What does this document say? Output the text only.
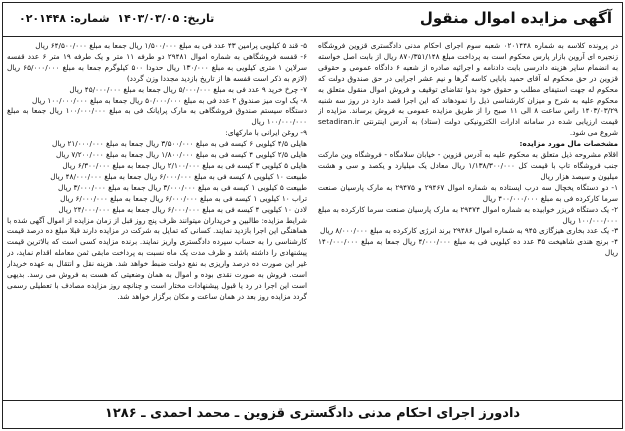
آگهی مزایده اموال منقول
تاریخ:۱۴۰۳/۰۳/۰۵ شماره:۰۲۰۱۴۴۸

در پرونده کلاسه به شماره ۰۲۰۱۴۴۸ شعبه سوم اجرای احکام مدنی دادگستری قزوین فروشگاه زنجیره ای آروین بازار پارس محکوم است به پرداخت مبلغ ۸۷۰/۳۵۱/۱۴۸ ریال از بابت اصل خواسته به انضمام سایر هزینه دادرسی بابت دادنامه و اجرائیه صادره از شعبه ۶ دادگاه عمومی و حقوقی قزوین در حق محکوم له آقای حمید بابایی کاسه گرها و نیم عشر اجرایی در حق صندوق دولت که محکوم له جهت استیفای مطلب و حقوق خود بدوا تقاضای توقیف و فروش اموال منقول متعلق به محکوم علیه به شرح و میزان کارشناسی ذیل را نمودهاند که این اجرا قصد دارد در روز سه شنبه ۱۴۰۳/۰۳/۲۹ راس ساعت ۸ الی ۱۱ صبح را از طریق مزایده عمومی به فروش برساند. مزایده از قیمت ارزیابی شده در سامانه ادارات الکترونیکی دولت (ستاد) به آدرس اینترنتی setadiran.ir شروع می شود.

مشخصات مال مورد مزایده:

اقلام مشروحه ذیل متعلق به محکوم علیه به آدرس قزوین - خیابان سلامگاه - فروشگاه وین مارکت جنب فروشگاه تاپ با قیمت کل ۱/۱۳۸/۳۰۰/۰۰۰ ریال معادل یک میلیارد و یکصد و سی و هشت میلیون و سیصد هزار ریال

۱- دو دستگاه یخچال سه درب ایستاده به شماره اموال ۲۹۴۶۷ و ۲۹۴۷۵ به مارک پارسیان صنعت سرما کارکرده فی به مبلغ ۴۰۰/۰۰۰/۰۰۰ ریال

۲- یک دستگاه فریزر خوابیده به شماره اموال ۲۹۴۷۴ به مارک پارسیان صنعت سرما کارکرده به مبلغ ۱۰۰/۰۰۰/۰۰۰ ریال

۳- یک عدد بخاری هیزگازی ۹۴۵ به شماره اموال ۲۹۴۸۶ برند انرژی کارکرده به مبلغ ۸/۰۰۰/۰۰۰ ریال

۴- برنج هندی شاهیخت ۳۵ عدد ده کیلویی فی به مبلغ ۴/۰۰۰/۰۰۰ ریال جمعا به مبلغ ۱۴۰/۰۰۰/۰۰۰ ریال

۵- قند ۵ کیلویی پرامین ۴۳ عدد فی به مبلغ ۱/۵۰۰/۰۰۰ ریال جمعا به مبلغ ۶۴/۵۰۰/۰۰۰ ریال

۶- قفسه فروشگاهی به شماره اموال ۲۹۴۸۱ دو طرفه ۱۱ متر و یک طرفه ۱۹ متر ۶ عدد قفسه سرلاین ۱ متری کیلویی به مبلغ ۱۳۰/۰۰۰ ریال حدودا ۵۰۰ کیلوگرم جمعا به مبلغ ۶۵/۰۰۰/۰۰۰ ریال (لازم به ذکر است قفسه ها از تاریخ بازدید مجددا وزن گردد)

۷- چرخ خرید ۹ عدد فی به مبلغ ۵/۰۰۰/۰۰۰ ریال جمعا به مبلغ ۴۵/۰۰۰/۰۰۰ ریال

۸- یک اوت میز صندوق ۲ عدد فی به مبلغ ۵۰/۰۰۰/۰۰۰ ریال جمعا به مبلغ ۱۰۰/۰۰۰/۰۰۰ ریال

دستگاه سیستم صندوق فروشگاهی به مارک پرایانک فی به مبلغ ۱۰۰/۰۰۰/۰۰۰ ریال جمعا به مبلغ ۱۰۰/۰۰۰/۰۰۰ ریال

۹- روغن ایرانی با مارکهای:

هایلی ۴/۵ کیلویی ۶ کیسه فی به مبلغ ۳/۵۰۰/۰۰۰ ریال جمعا به مبلغ ۲۱/۰۰۰/۰۰۰ ریال

هایلی ۲/۵ کیلویی ۴ کیسه فی به مبلغ ۱/۸۰۰/۰۰۰ ریال جمعا به مبلغ ۷/۲۰۰/۰۰۰ ریال

هایلی ۵ کیلویی ۳ کیسه فی به مبلغ ۲/۱۰۰/۰۰۰ ریال جمعا به مبلغ ۶/۳۰۰/۰۰۰ ریال

طبیعت ۱۰ کیلویی ۸ کیسه فی به مبلغ ۶/۰۰۰/۰۰۰ ریال جمعا به مبلغ ۴۸/۰۰۰/۰۰۰ ریال

طبیعت ۵ کیلویی ۱ کیسه فی به مبلغ ۳/۰۰۰/۰۰۰ ریال جمعا به مبلغ ۳/۰۰۰/۰۰۰ ریال

تراب ۱۰ کیلویی ۱ کیسه فی به مبلغ ۶/۰۰۰/۰۰۰ ریال جمعا به مبلغ ۶/۰۰۰/۰۰۰ ریال

لادن ۱۰ کیلویی ۴ کیسه فی به مبلغ ۶/۰۰۰/۰۰۰ ریال جمعا به مبلغ ۲۴/۰۰۰/۰۰۰ ریال

شرایط مزایده: طالبین و خریداران میتوانند ظرف پنج روز قبل از زمان مزایده از اموال آگهی شده با هماهنگی این اجرا بازدید نمایند. کسانی که تمایل به شرکت در مزایده دارند قبلا مبلغ ده درصد قیمت کارشناسی را به حساب سپرده دادگستری واریز نمایند. برنده مزایده کسی است که بالاترین قیمت پیشنهادی را داشته باشد و ظرف مدت یک ماه نسبت به پرداخت مابقی ثمن معامله اقدام نماید، در غیر این صورت ده درصد واریزی به نفع دولت ضبط خواهد شد. هزینه نقل و انتقال به عهده خریدار است. فروش به صورت نقدی بوده و اموال به همان وضعیتی که هست به فروش می رسد. بدیهی است این اجرا در رد یا قبول پیشنهادات مختار است و چنانچه روز مزایده مصادف با تعطیلی رسمی گردد مزایده روز بعد در همان ساعت و مکان برگزار خواهد شد.

دادورز اجرای احکام مدنی دادگستری قزوین ـ محمد احمدی ـ ۱۲۸۶
